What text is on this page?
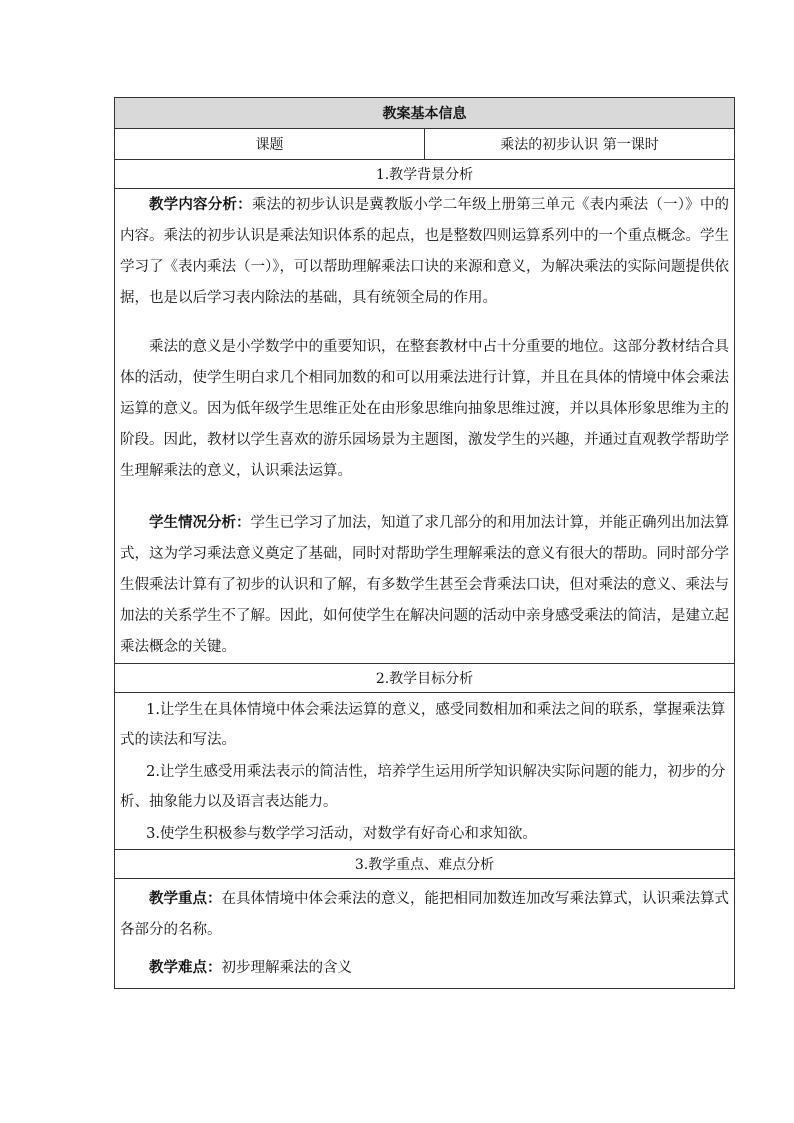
教案基本信息
课题	乘法的初步认识 第一课时
1.教学背景分析

教学内容分析：乘法的初步认识是冀教版小学二年级上册第三单元《表内乘法（一）》中的内容。乘法的初步认识是乘法知识体系的起点，也是整数四则运算系列中的一个重点概念。学生学习了《表内乘法（一）》，可以帮助理解乘法口诀的来源和意义，为解决乘法的实际问题提供依据，也是以后学习表内除法的基础，具有统领全局的作用。

乘法的意义是小学数学中的重要知识，在整套教材中占十分重要的地位。这部分教材结合具体的活动，使学生明白求几个相同加数的和可以用乘法进行计算，并且在具体的情境中体会乘法运算的意义。因为低年级学生思维正处在由形象思维向抽象思维过渡，并以具体形象思维为主的阶段。因此，教材以学生喜欢的游乐园场景为主题图，激发学生的兴趣，并通过直观教学帮助学生理解乘法的意义，认识乘法运算。

学生情况分析：学生已学习了加法，知道了求几部分的和用加法计算，并能正确列出加法算式，这为学习乘法意义奠定了基础，同时对帮助学生理解乘法的意义有很大的帮助。同时部分学生假乘法计算有了初步的认识和了解，有多数学生甚至会背乘法口诀，但对乘法的意义、乘法与加法的关系学生不了解。因此，如何使学生在解决问题的活动中亲身感受乘法的简洁，是建立起乘法概念的关键。

2.教学目标分析

1.让学生在具体情境中体会乘法运算的意义，感受同数相加和乘法之间的联系，掌握乘法算式的读法和写法。

2.让学生感受用乘法表示的简洁性，培养学生运用所学知识解决实际问题的能力，初步的分析、抽象能力以及语言表达能力。

3.使学生积极参与数学学习活动，对数学有好奇心和求知欲。

3.教学重点、难点分析

教学重点：在具体情境中体会乘法的意义，能把相同加数连加改写乘法算式，认识乘法算式各部分的名称。

教学难点：初步理解乘法的含义
